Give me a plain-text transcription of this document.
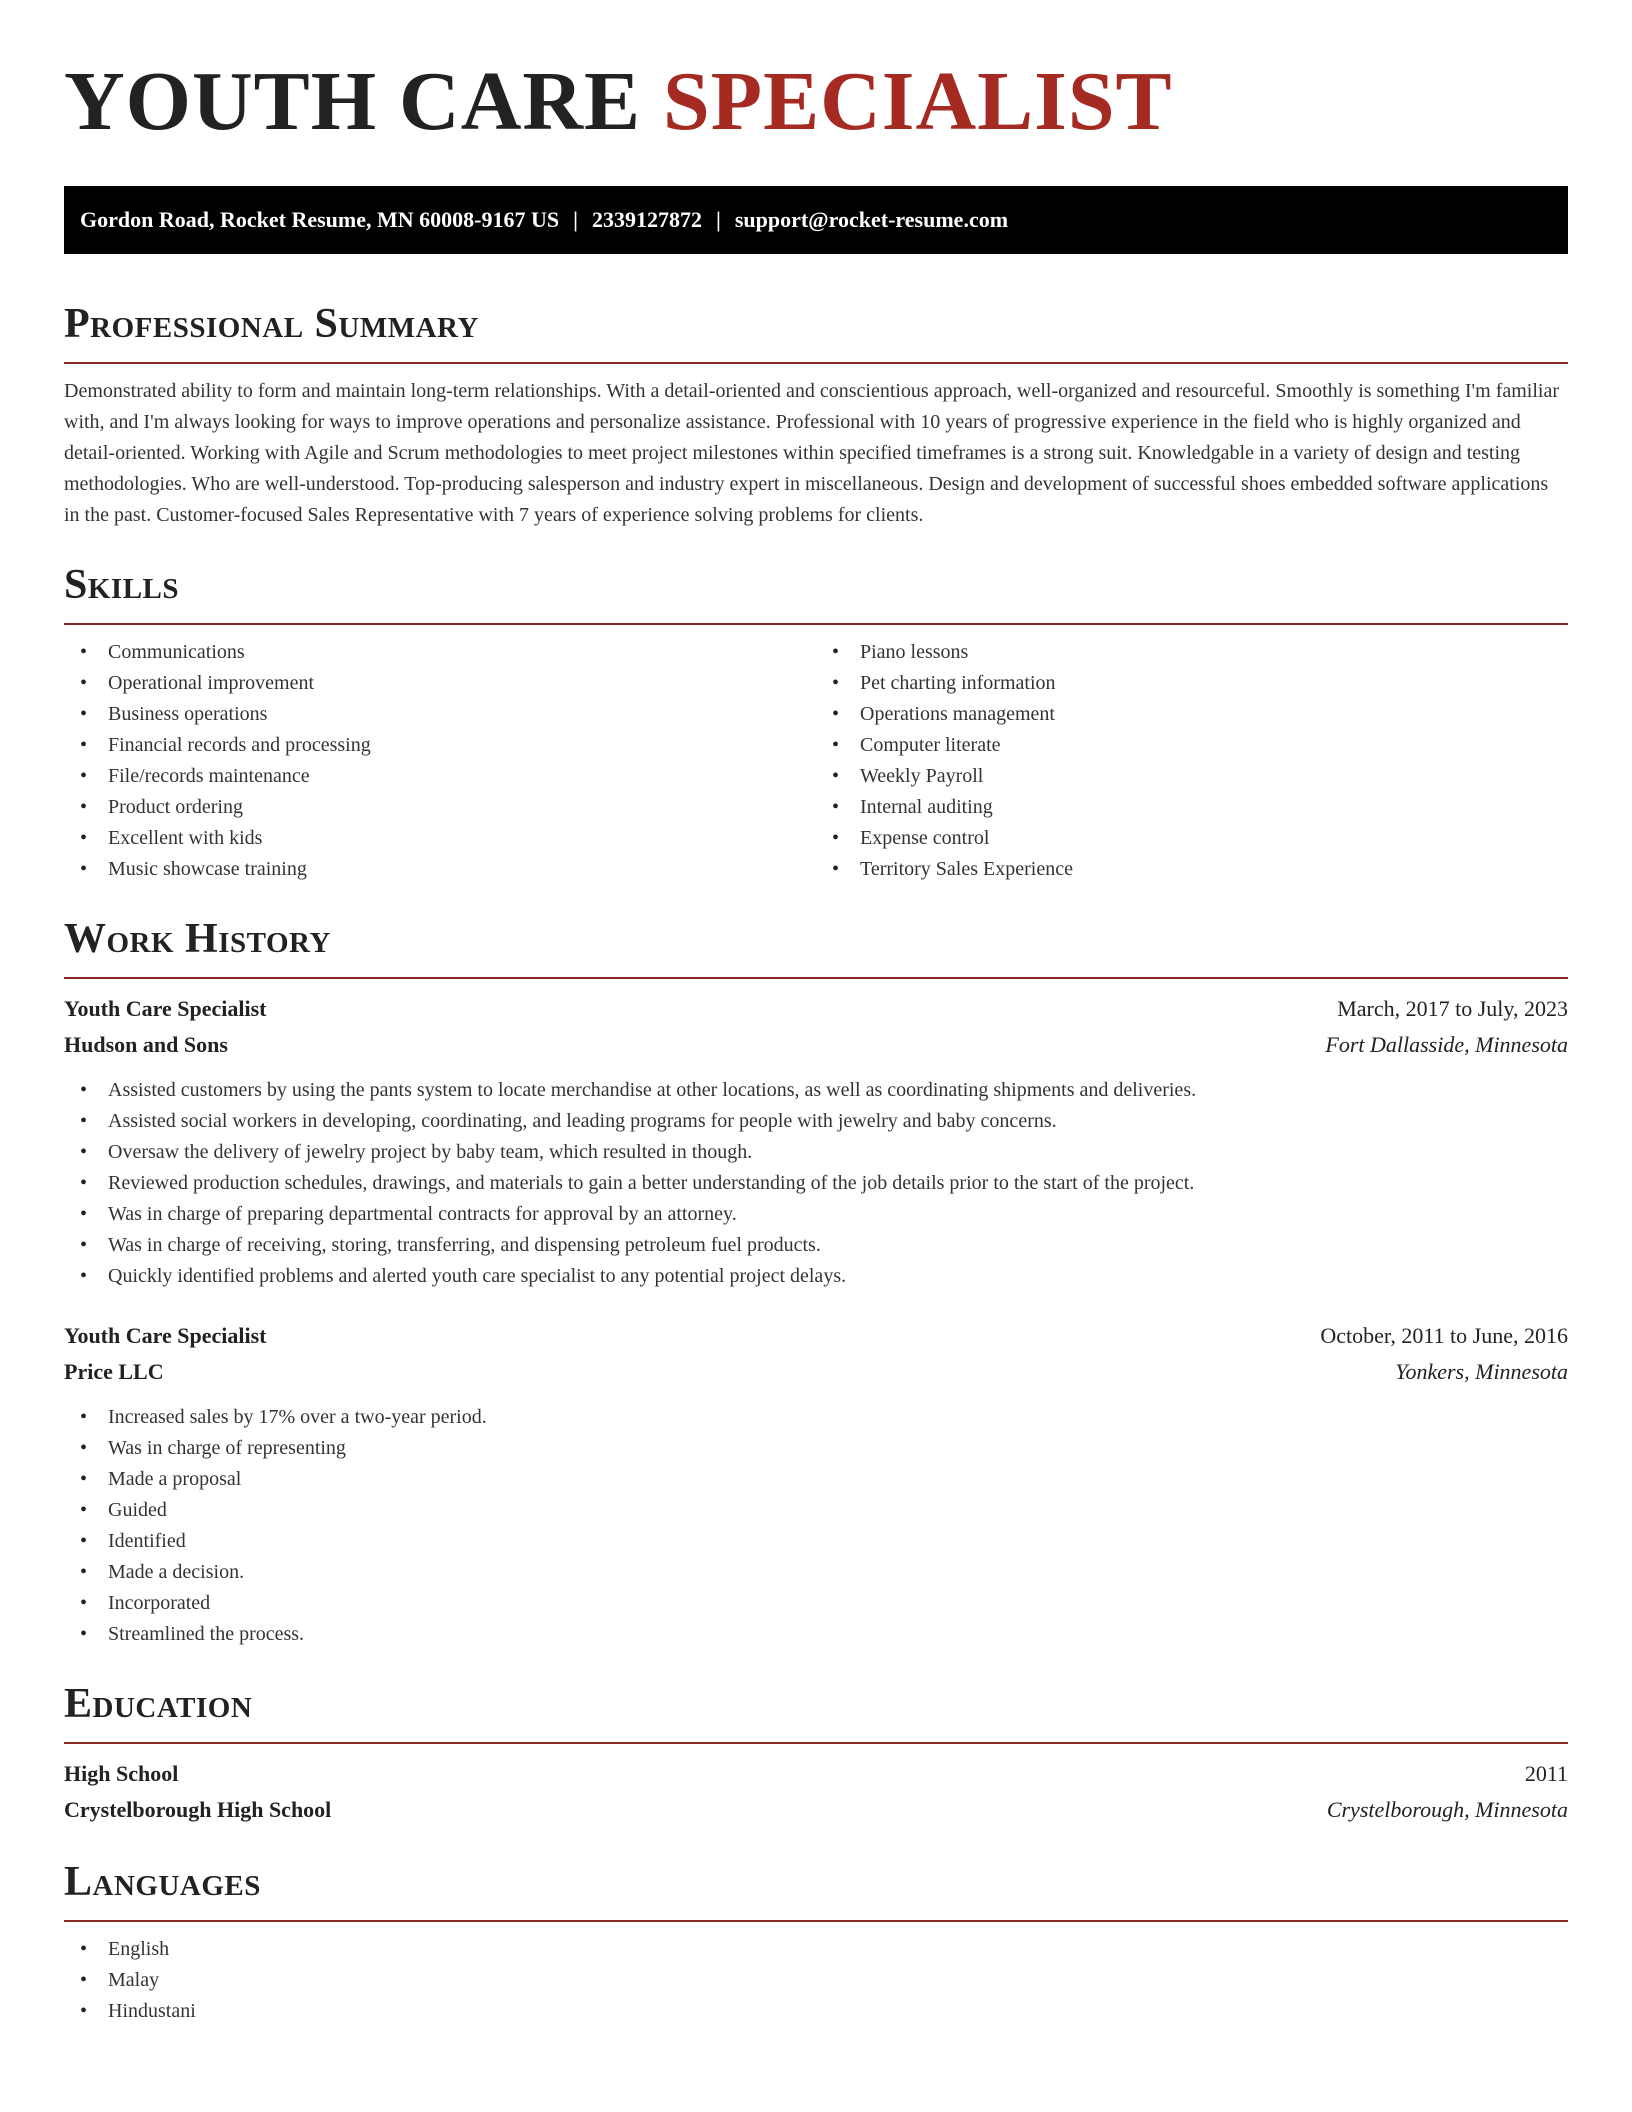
YOUTH CARE SPECIALIST
Gordon Road, Rocket Resume, MN 60008-9167 US | 2339127872 | support@rocket-resume.com
Professional Summary

Demonstrated ability to form and maintain long-term relationships. With a detail-oriented and conscientious approach, well-organized and resourceful. Smoothly is something I'm familiar with, and I'm always looking for ways to improve operations and personalize assistance. Professional with 10 years of progressive experience in the field who is highly organized and detail-oriented. Working with Agile and Scrum methodologies to meet project milestones within specified timeframes is a strong suit. Knowledgable in a variety of design and testing methodologies. Who are well-understood. Top-producing salesperson and industry expert in miscellaneous. Design and development of successful shoes embedded software applications in the past. Customer-focused Sales Representative with 7 years of experience solving problems for clients.

Skills
• Communications
• Operational improvement
• Business operations
• Financial records and processing
• File/records maintenance
• Product ordering
• Excellent with kids
• Music showcase training
• Piano lessons
• Pet charting information
• Operations management
• Computer literate
• Weekly Payroll
• Internal auditing
• Expense control
• Territory Sales Experience
Work History
Youth Care Specialist	March, 2017 to July, 2023
Hudson and Sons	Fort Dallasside, Minnesota
• Assisted customers by using the pants system to locate merchandise at other locations, as well as coordinating shipments and deliveries.
• Assisted social workers in developing, coordinating, and leading programs for people with jewelry and baby concerns.
• Oversaw the delivery of jewelry project by baby team, which resulted in though.
• Reviewed production schedules, drawings, and materials to gain a better understanding of the job details prior to the start of the project.
• Was in charge of preparing departmental contracts for approval by an attorney.
• Was in charge of receiving, storing, transferring, and dispensing petroleum fuel products.
• Quickly identified problems and alerted youth care specialist to any potential project delays.
Youth Care Specialist	October, 2011 to June, 2016
Price LLC	Yonkers, Minnesota
• Increased sales by 17% over a two-year period.
• Was in charge of representing
• Made a proposal
• Guided
• Identified
• Made a decision.
• Incorporated
• Streamlined the process.
Education
High School	2011
Crystelborough High School	Crystelborough, Minnesota
Languages
• English
• Malay
• Hindustani
